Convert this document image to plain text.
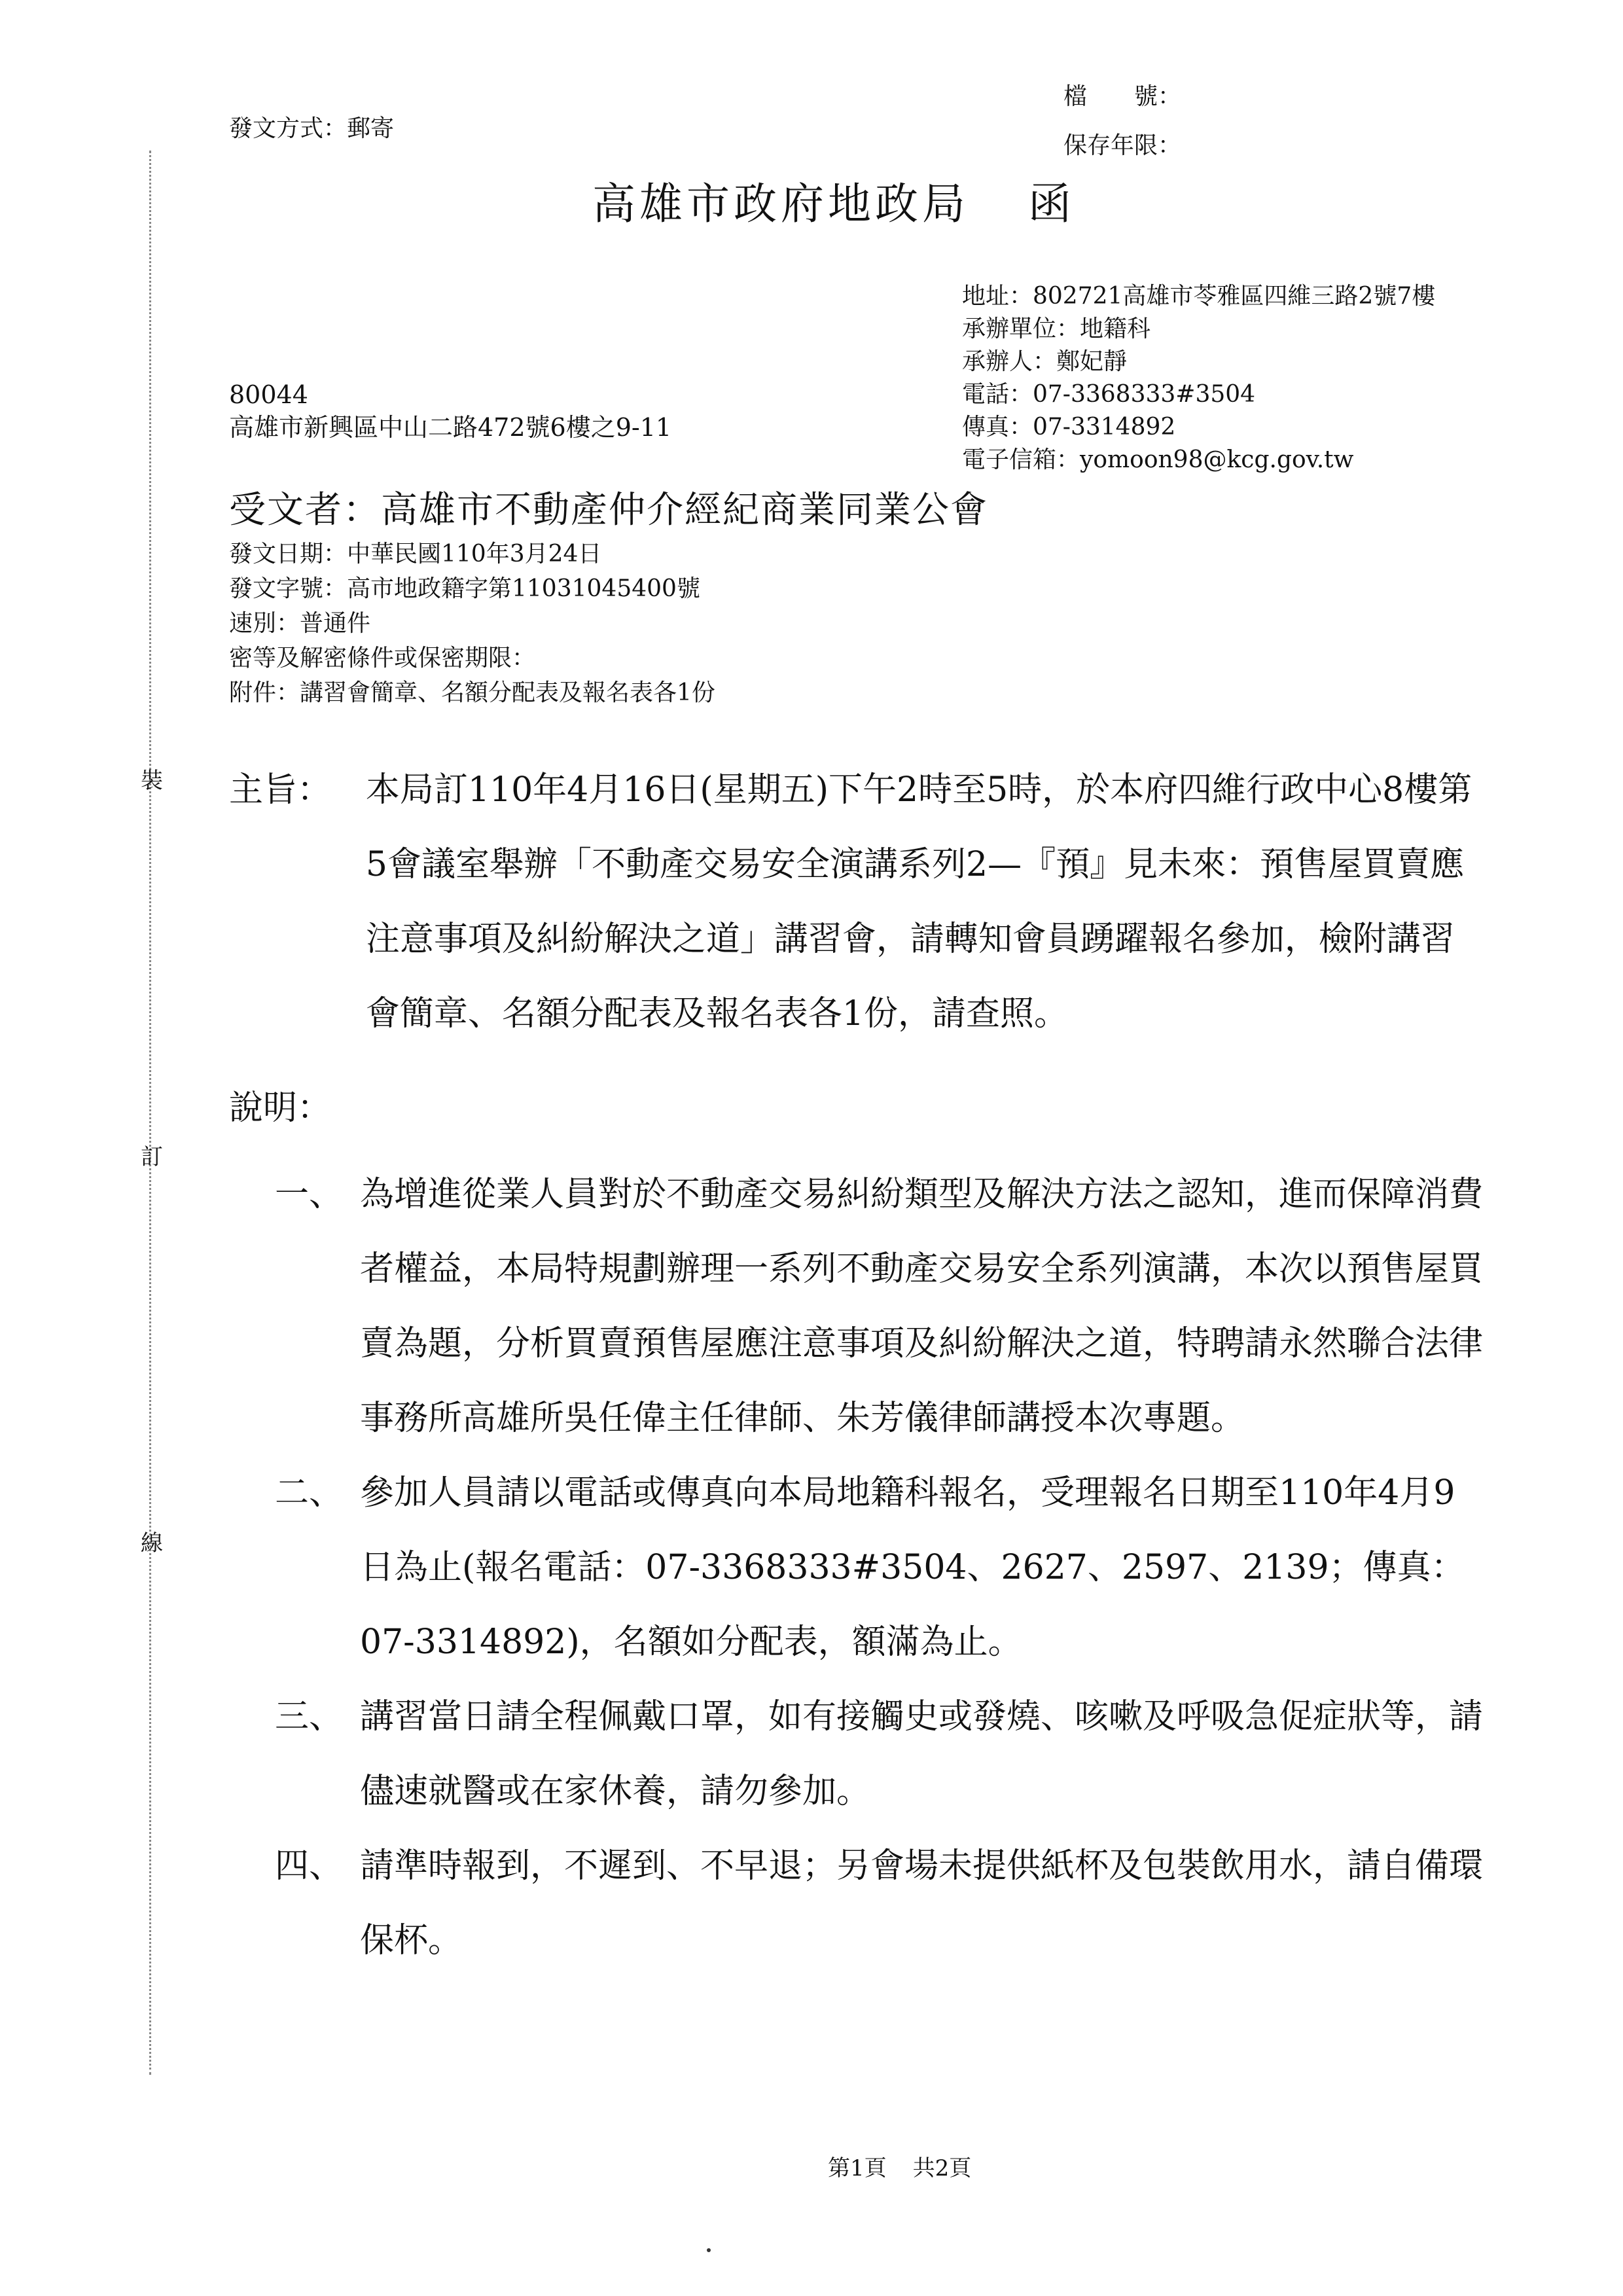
裝
訂
線
檔　　號：
保存年限：
發文方式：郵寄
高雄市政府地政局 函
地址：802721高雄市苓雅區四維三路2號7樓
承辦單位：地籍科
承辦人：鄭妃靜
電話：07-3368333#3504
傳真：07-3314892
電子信箱：yomoon98@kcg.gov.tw
80044
高雄市新興區中山二路472號6樓之9-11
受文者：高雄市不動產仲介經紀商業同業公會
發文日期：中華民國110年3月24日
發文字號：高市地政籍字第11031045400號
速別：普通件
密等及解密條件或保密期限：
附件：講習會簡章、名額分配表及報名表各1份
主旨：	本局訂110年4月16日(星期五)下午2時至5時，於本府四維行政中心8樓第5會議室舉辦「不動產交易安全演講系列2—『預』見未來：預售屋買賣應注意事項及糾紛解決之道」講習會，請轉知會員踴躍報名參加，檢附講習會簡章、名額分配表及報名表各1份，請查照。
說明：
一、 為增進從業人員對於不動產交易糾紛類型及解決方法之認知，進而保障消費者權益，本局特規劃辦理一系列不動產交易安全系列演講，本次以預售屋買賣為題，分析買賣預售屋應注意事項及糾紛解決之道，特聘請永然聯合法律事務所高雄所吳任偉主任律師、朱芳儀律師講授本次專題。
二、 參加人員請以電話或傳真向本局地籍科報名，受理報名日期至110年4月9日為止(報名電話：07-3368333#3504、2627、2597、2139；傳真：07-3314892)，名額如分配表，額滿為止。
三、 講習當日請全程佩戴口罩，如有接觸史或發燒、咳嗽及呼吸急促症狀等，請儘速就醫或在家休養，請勿參加。
四、 請準時報到，不遲到、不早退；另會場未提供紙杯及包裝飲用水，請自備環保杯。
第1頁 共2頁
